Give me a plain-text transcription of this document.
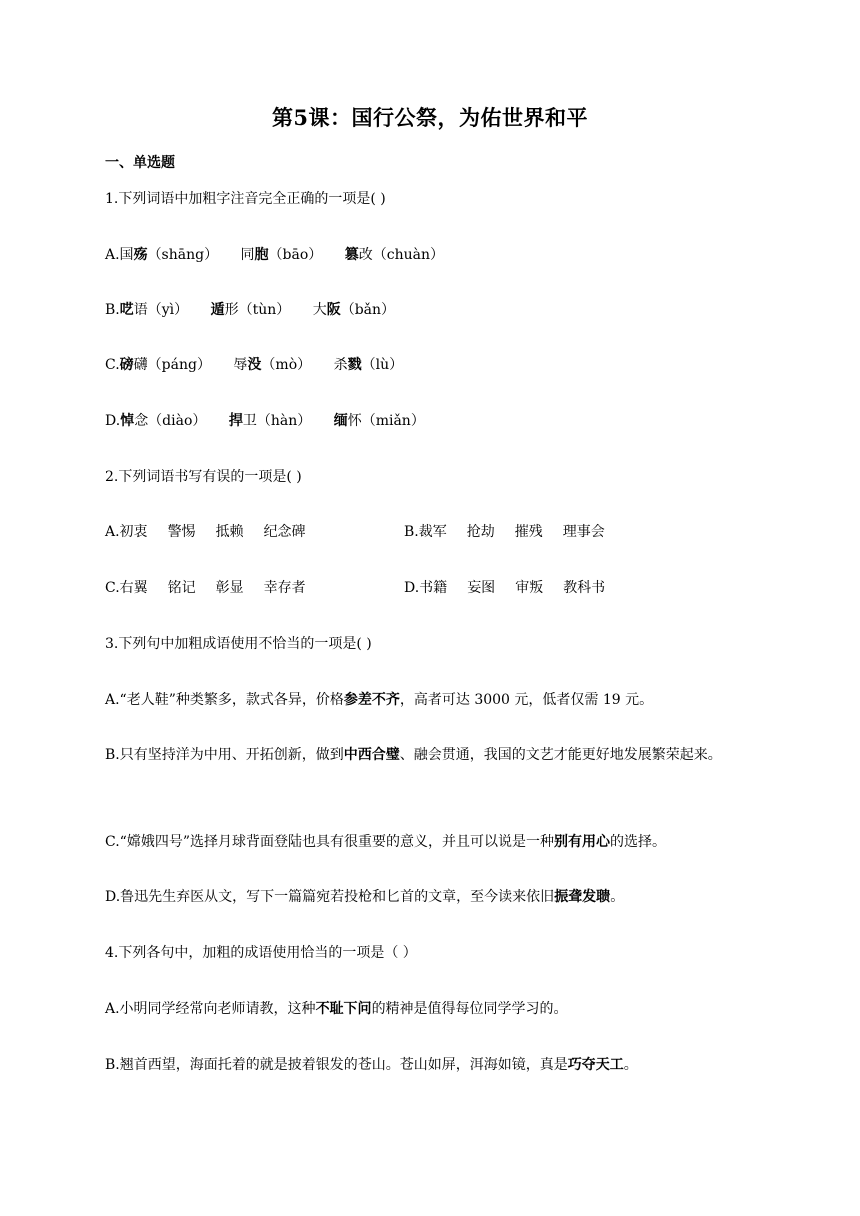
第5课：国行公祭，为佑世界和平
一、单选题
1.下列词语中加粗字注音完全正确的一项是( )
A.国殇（shāng） 同胞（bāo） 篡改（chuàn）
B.呓语（yì） 遁形（tùn） 大阪（bǎn）
C.磅礴（páng） 辱没（mò） 杀戮（lù）
D.悼念（diào） 捍卫（hàn） 缅怀（miǎn）
2.下列词语书写有误的一项是( )
A.初衷 警惕 抵赖 纪念碑	B.裁军 抢劫 摧残 理事会
C.右翼 铭记 彰显 幸存者	D.书籍 妄图 审叛 教科书
3.下列句中加粗成语使用不恰当的一项是( )
A.“老人鞋”种类繁多，款式各异，价格参差不齐，高者可达 3000 元，低者仅需 19 元。
B.只有坚持洋为中用、开拓创新，做到中西合璧、融会贯通，我国的文艺才能更好地发展繁荣起来。
C.“嫦娥四号”选择月球背面登陆也具有很重要的意义，并且可以说是一种别有用心的选择。
D.鲁迅先生弃医从文，写下一篇篇宛若投枪和匕首的文章，至今读来依旧振聋发聩。
4.下列各句中，加粗的成语使用恰当的一项是（ ）
A.小明同学经常向老师请教，这种不耻下问的精神是值得每位同学学习的。
B.翘首西望，海面托着的就是披着银发的苍山。苍山如屏，洱海如镜，真是巧夺天工。
